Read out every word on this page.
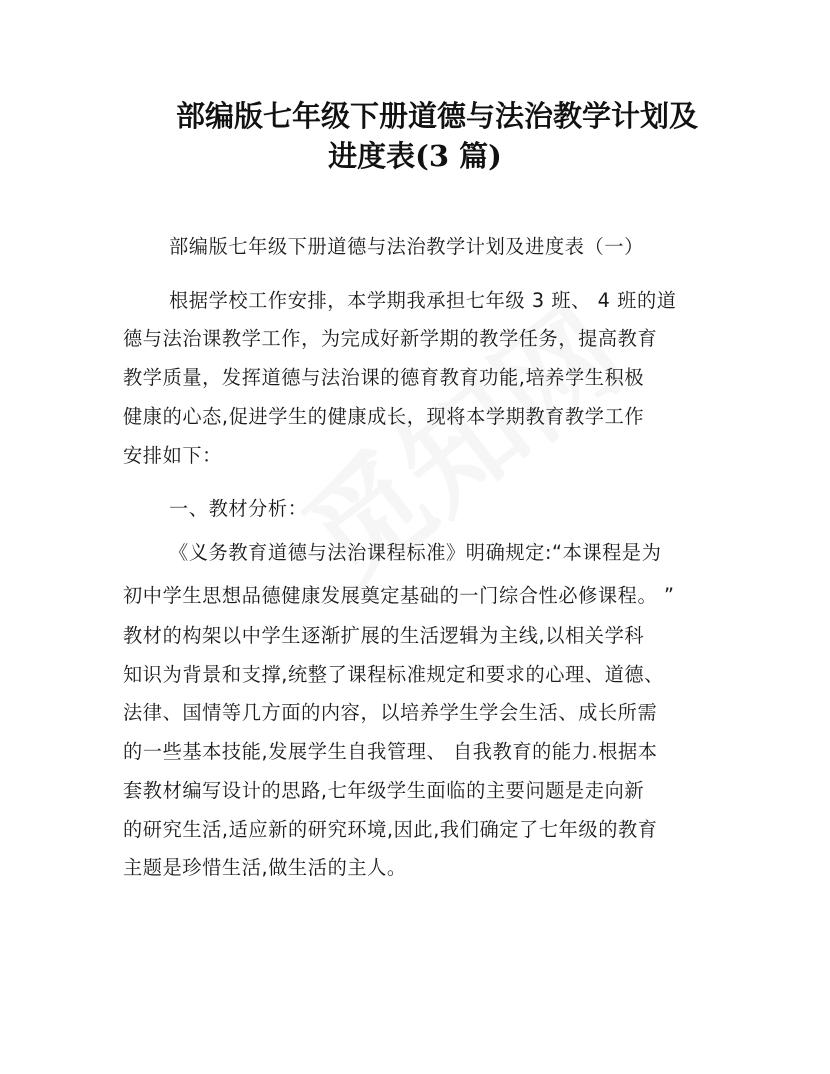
部编版七年级下册道德与法治教学计划及
进度表(3 篇)
部编版七年级下册道德与法治教学计划及进度表（一）
根据学校工作安排，本学期我承担七年级 3 班、 4 班的道
德与法治课教学工作，为完成好新学期的教学任务，提高教育
教学质量，发挥道德与法治课的德育教育功能,培养学生积极
健康的心态,促进学生的健康成长，现将本学期教育教学工作
安排如下：
一、教材分析：
《义务教育道德与法治课程标准》明确规定:“本课程是为
初中学生思想品德健康发展奠定基础的一门综合性必修课程。 ”
教材的构架以中学生逐渐扩展的生活逻辑为主线,以相关学科
知识为背景和支撑,统整了课程标准规定和要求的心理、道德、
法律、国情等几方面的内容，以培养学生学会生活、成长所需
的一些基本技能,发展学生自我管理、 自我教育的能力.根据本
套教材编写设计的思路,七年级学生面临的主要问题是走向新
的研究生活,适应新的研究环境,因此,我们确定了七年级的教育
主题是珍惜生活,做生活的主人。
